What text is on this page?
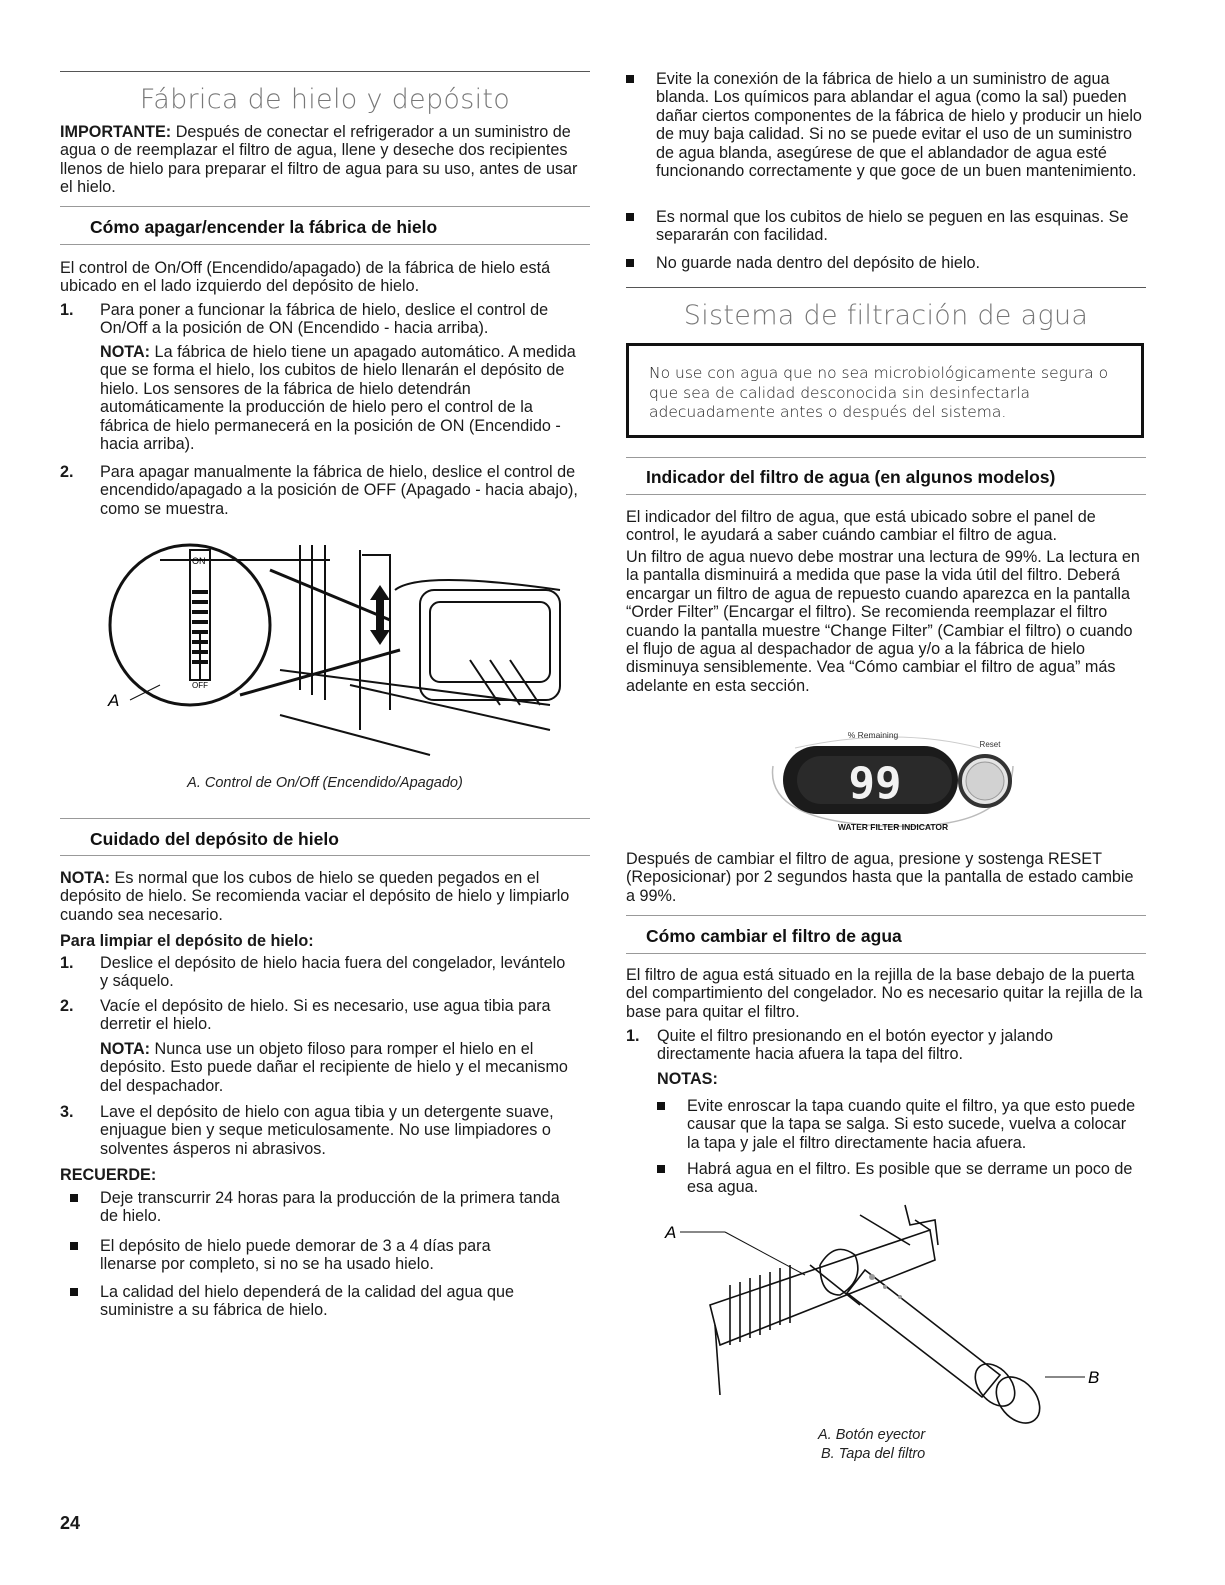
Fábrica de hielo y depósito

IMPORTANTE: Después de conectar el refrigerador a un suministro de agua o de reemplazar el filtro de agua, llene y deseche dos recipientes llenos de hielo para preparar el filtro de agua para su uso, antes de usar el hielo.

Cómo apagar/encender la fábrica de hielo

El control de On/Off (Encendido/apagado) de la fábrica de hielo está ubicado en el lado izquierdo del depósito de hielo.

1. Para poner a funcionar la fábrica de hielo, deslice el control de On/Off a la posición de ON (Encendido - hacia arriba).

NOTA: La fábrica de hielo tiene un apagado automático. A medida que se forma el hielo, los cubitos de hielo llenarán el depósito de hielo. Los sensores de la fábrica de hielo detendrán automáticamente la producción de hielo pero el control de la fábrica de hielo permanecerá en la posición de ON (Encendido - hacia arriba).

2. Para apagar manualmente la fábrica de hielo, deslice el control de encendido/apagado a la posición de OFF (Apagado - hacia abajo), como se muestra.

ON
OFF
A
A. Control de On/Off (Encendido/Apagado)
Cuidado del depósito de hielo

NOTA: Es normal que los cubos de hielo se queden pegados en el depósito de hielo. Se recomienda vaciar el depósito de hielo y limpiarlo cuando sea necesario.

Para limpiar el depósito de hielo:

1. Deslice el depósito de hielo hacia fuera del congelador, levántelo y sáquelo.

2. Vacíe el depósito de hielo. Si es necesario, use agua tibia para derretir el hielo.

NOTA: Nunca use un objeto filoso para romper el hielo en el depósito. Esto puede dañar el recipiente de hielo y el mecanismo del despachador.

3. Lave el depósito de hielo con agua tibia y un detergente suave, enjuague bien y seque meticulosamente. No use limpiadores o solventes ásperos ni abrasivos.

RECUERDE:

Deje transcurrir 24 horas para la producción de la primera tanda de hielo.

El depósito de hielo puede demorar de 3 a 4 días para llenarse por completo, si no se ha usado hielo.

La calidad del hielo dependerá de la calidad del agua que suministre a su fábrica de hielo.

24

Evite la conexión de la fábrica de hielo a un suministro de agua blanda. Los químicos para ablandar el agua (como la sal) pueden dañar ciertos componentes de la fábrica de hielo y producir un hielo de muy baja calidad. Si no se puede evitar el uso de un suministro de agua blanda, asegúrese de que el ablandador de agua esté funcionando correctamente y que goce de un buen mantenimiento.

Es normal que los cubitos de hielo se peguen en las esquinas. Se separarán con facilidad.

No guarde nada dentro del depósito de hielo.

Sistema de filtración de agua

No use con agua que no sea microbiológicamente segura o que sea de calidad desconocida sin desinfectarla adecuadamente antes o después del sistema.

Indicador del filtro de agua (en algunos modelos)

El indicador del filtro de agua, que está ubicado sobre el panel de control, le ayudará a saber cuándo cambiar el filtro de agua.

Un filtro de agua nuevo debe mostrar una lectura de 99%. La lectura en la pantalla disminuirá a medida que pase la vida útil del filtro. Deberá encargar un filtro de agua de repuesto cuando aparezca en la pantalla “Order Filter” (Encargar el filtro). Se recomienda reemplazar el filtro cuando la pantalla muestre “Change Filter” (Cambiar el filtro) o cuando el flujo de agua al despachador de agua y/o a la fábrica de hielo disminuya sensiblemente. Vea “Cómo cambiar el filtro de agua” más adelante en esta sección.

% Remaining
Reset
99
WATER FILTER INDICATOR

Después de cambiar el filtro de agua, presione y sostenga RESET (Reposicionar) por 2 segundos hasta que la pantalla de estado cambie a 99%.

Cómo cambiar el filtro de agua

El filtro de agua está situado en la rejilla de la base debajo de la puerta del compartimiento del congelador. No es necesario quitar la rejilla de la base para quitar el filtro.

1. Quite el filtro presionando en el botón eyector y jalando directamente hacia afuera la tapa del filtro.

NOTAS:

Evite enroscar la tapa cuando quite el filtro, ya que esto puede causar que la tapa se salga. Si esto sucede, vuelva a colocar la tapa y jale el filtro directamente hacia afuera.

Habrá agua en el filtro. Es posible que se derrame un poco de esa agua.

A
B
A. Botón eyector
B. Tapa del filtro
